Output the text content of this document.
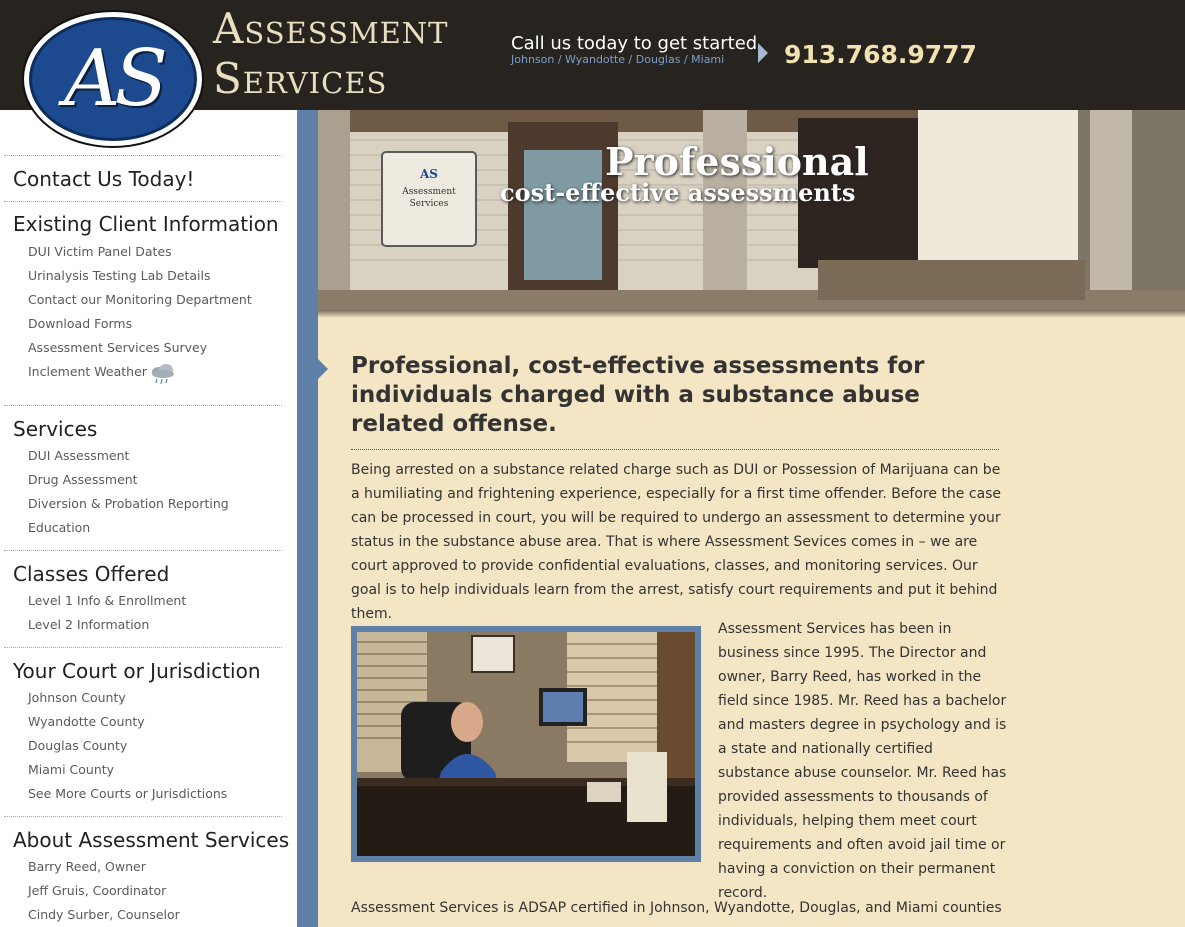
Assessment
Services
Call us today to get started
Johnson / Wyandotte / Douglas / Miami 913.768.9777
AS
Contact Us Today!
Existing Client Information
DUI Victim Panel Dates
Urinalysis Testing Lab Details
Contact our Monitoring Department
Download Forms
Assessment Services Survey
Inclement Weather
Services
DUI Assessment
Drug Assessment
Diversion & Probation Reporting
Education
Classes Offered
Level 1 Info & Enrollment
Level 2 Information
Your Court or Jurisdiction
Johnson County
Wyandotte County
Douglas County
Miami County
See More Courts or Jurisdictions
About Assessment Services
Barry Reed, Owner
Jeff Gruis, Coordinator
Cindy Surber, Counselor
AS
Assessment
Services
Professional
cost-effective assessments
Professional, cost-effective assessments for individuals charged with a substance abuse related offense.
Being arrested on a substance related charge such as DUI or Possession of Marijuana can be a humiliating and frightening experience, especially for a first time offender. Before the case can be processed in court, you will be required to undergo an assessment to determine your status in the substance abuse area. That is where Assessment Sevices comes in – we are court approved to provide confidential evaluations, classes, and monitoring services. Our goal is to help individuals learn from the arrest, satisfy court requirements and put it behind them.
Assessment Services has been in business since 1995. The Director and owner, Barry Reed, has worked in the field since 1985. Mr. Reed has a bachelor and masters degree in psychology and is a state and nationally certified substance abuse counselor. Mr. Reed has provided assessments to thousands of individuals, helping them meet court requirements and often avoid jail time or having a conviction on their permanent record.
Assessment Services is ADSAP certified in Johnson, Wyandotte, Douglas, and Miami counties
